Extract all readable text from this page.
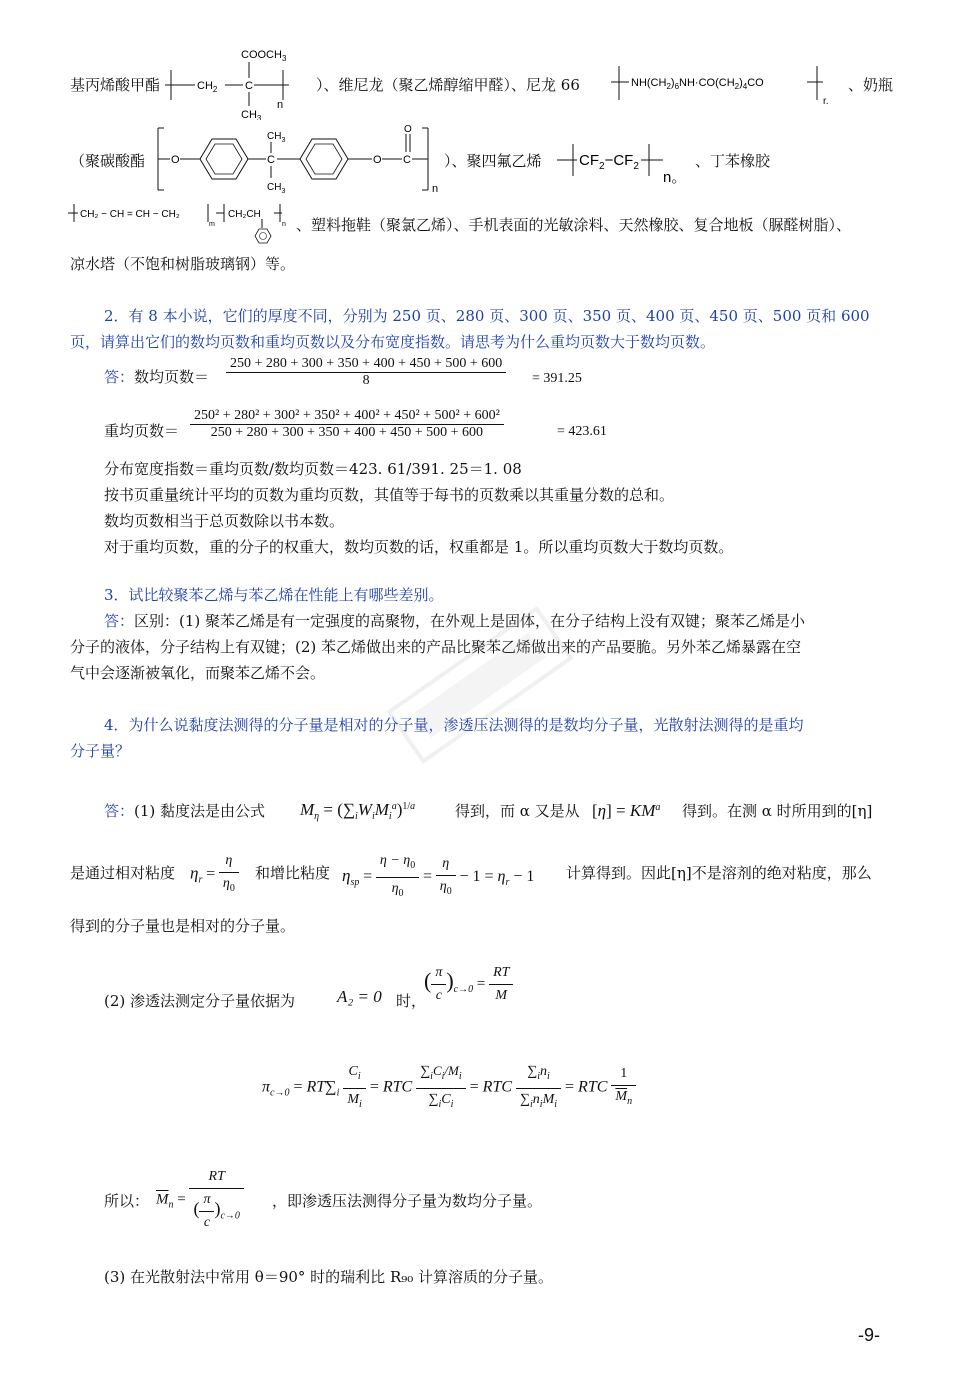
基丙烯酸甲酯	$CH_2$	C
$COOCH_3$
$CH_3$
n
）、维尼龙（聚乙烯醇缩甲醛）、尼龙 66	$NH(CH_2)_6NH\cdot CO(CH_2)_4CO$
r.
、奶瓶
（聚碳酸酯 O	C
$CH_3$
$CH_3$
O C
O
n
）、聚四氟乙烯 $CF_2-CF_2$
n。
、丁苯橡胶
CH₂ − CH = CH − CH₂
m
CH₂CH
n 、塑料拖鞋（聚氯乙烯）、手机表面的光敏涂料、天然橡胶、复合地板（脲醛树脂）、
凉水塔（不饱和树脂玻璃钢）等。
2．有 8 本小说，它们的厚度不同，分别为 250 页、280 页、300 页、350 页、400 页、450 页、500 页和 600
页，请算出它们的数均页数和重均页数以及分布宽度指数。请思考为什么重均页数大于数均页数。
答：数均页数＝ $\frac{250 + 280 + 300 + 350 + 400 + 450 + 500 + 600}{8} = 391.25$
重均页数＝ $\frac{\text{250² + 280² + 300² + 350² + 400² + 450² + 500² + 600²}}{250 + 280 + 300 + 350 + 400 + 450 + 500 + 600}$	= 423.61
分布宽度指数＝重均页数/数均页数＝423. 61/391. 25＝1. 08
按书页重量统计平均的页数为重均页数，其值等于每书的页数乘以其重量分数的总和。
数均页数相当于总页数除以书本数。
对于重均页数，重的分子的权重大，数均页数的话，权重都是 1。所以重均页数大于数均页数。
3．试比较聚苯乙烯与苯乙烯在性能上有哪些差别。
答：区别：(1) 聚苯乙烯是有一定强度的高聚物，在外观上是固体，在分子结构上没有双键；聚苯乙烯是小
分子的液体，分子结构上有双键；(2) 苯乙烯做出来的产品比聚苯乙烯做出来的产品要脆。另外苯乙烯暴露在空
气中会逐渐被氧化，而聚苯乙烯不会。
4．为什么说黏度法测得的分子量是相对的分子量，渗透压法测得的是数均分子量，光散射法测得的是重均
分子量？
答：(1) 黏度法是由公式 $M_\eta = (\sum_iW_iM_i^a)^{1/a}$	得到，而 α 又是从 $[\eta] = KM^a$ 得到。在测 α 时所用到的[η]
是通过相对粘度 $\eta_r = \frac{\eta}{\eta_0}$ 和增比粘度 $\eta_{sp} = \frac{\eta - \eta_0}{\eta_0} = \frac{\eta}{\eta_0} - 1 = \eta_r - 1$ 计算得到。因此[η]不是溶剂的绝对粘度，那么
得到的分子量也是相对的分子量。
(2) 渗透法测定分子量依据为 A₂ = 0 时，
( $\frac{\pi}{c} )_{c\to 0} = \frac{RT}{M}$
$\pi_{c\to 0} = RT\sum_i \frac{C_i}{M_i}$ = RTC $\frac{\sum_iC_i/M_i}{\sum_iC_i}$ = RTC $\frac{\sum_in_i}{\sum_in_iM_i}$ = RTC $\frac{1}{\overline{M}_n}$
所以： $\overline{M}_n = \frac{RT}{( \frac{\pi}{c} )_{c\to 0}}$ ，即渗透压法测得分子量为数均分子量。
(3) 在光散射法中常用 θ＝90° 时的瑞利比 R₉₀ 计算溶质的分子量。
-9-
